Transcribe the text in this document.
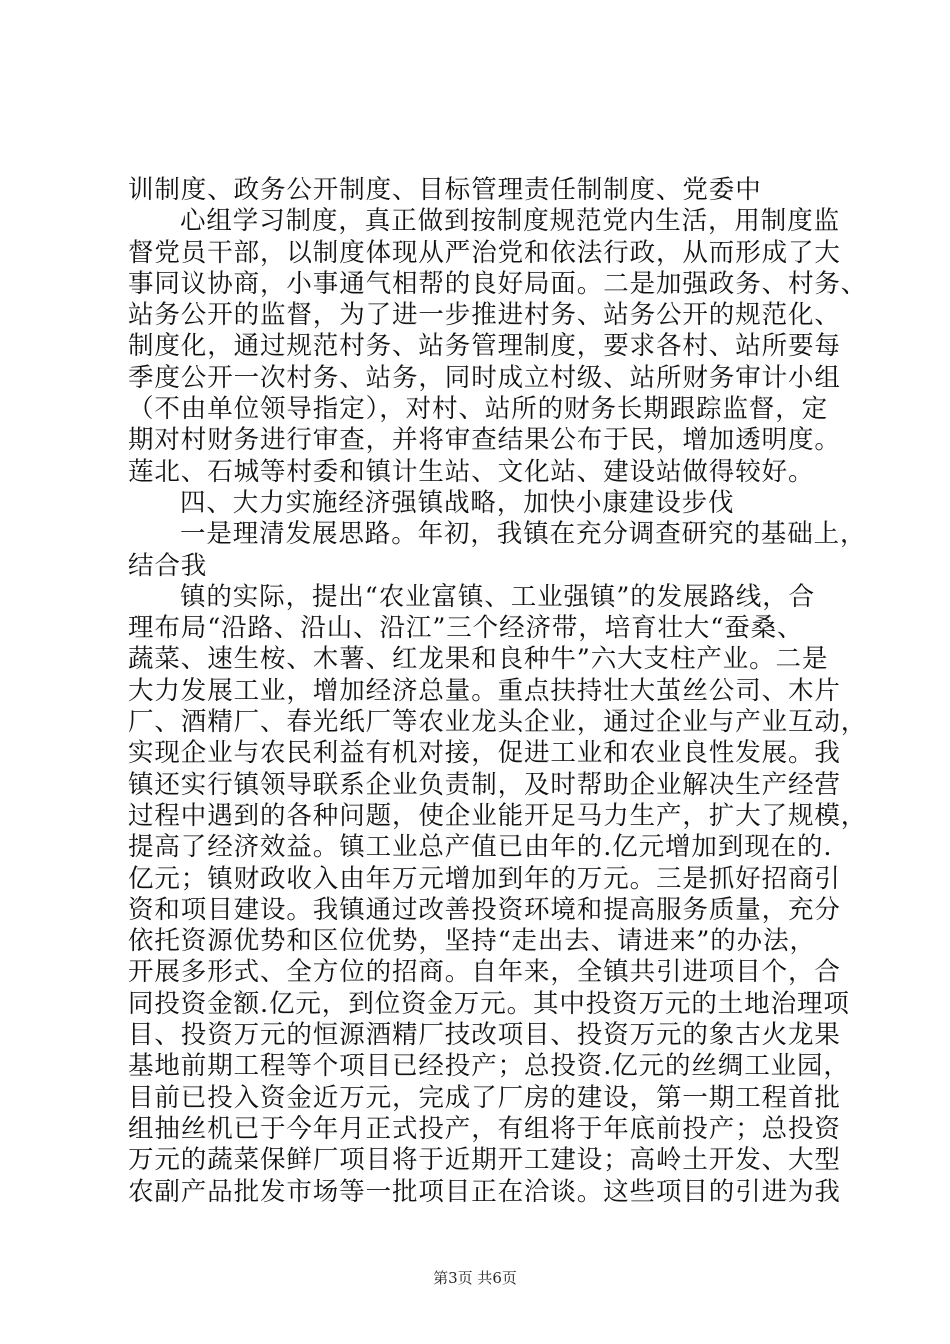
训制度、政务公开制度、目标管理责任制制度、党委中
心组学习制度，真正做到按制度规范党内生活，用制度监
督党员干部，以制度体现从严治党和依法行政，从而形成了大
事同议协商，小事通气相帮的良好局面。二是加强政务、村务、
站务公开的监督，为了进一步推进村务、站务公开的规范化、
制度化，通过规范村务、站务管理制度，要求各村、站所要每
季度公开一次村务、站务，同时成立村级、站所财务审计小组
（不由单位领导指定），对村、站所的财务长期跟踪监督，定
期对村财务进行审查，并将审查结果公布于民，增加透明度。
莲北、石城等村委和镇计生站、文化站、建设站做得较好。
四、大力实施经济强镇战略，加快小康建设步伐
一是理清发展思路。年初，我镇在充分调查研究的基础上，
结合我
镇的实际，提出“农业富镇、工业强镇”的发展路线，合
理布局“沿路、沿山、沿江”三个经济带，培育壮大“蚕桑、
蔬菜、速生桉、木薯、红龙果和良种牛”六大支柱产业。二是
大力发展工业，增加经济总量。重点扶持壮大茧丝公司、木片
厂、酒精厂、春光纸厂等农业龙头企业，通过企业与产业互动，
实现企业与农民利益有机对接，促进工业和农业良性发展。我
镇还实行镇领导联系企业负责制，及时帮助企业解决生产经营
过程中遇到的各种问题，使企业能开足马力生产，扩大了规模，
提高了经济效益。镇工业总产值已由年的.亿元增加到现在的.
亿元；镇财政收入由年万元增加到年的万元。三是抓好招商引
资和项目建设。我镇通过改善投资环境和提高服务质量，充分
依托资源优势和区位优势，坚持“走出去、请进来”的办法，
开展多形式、全方位的招商。自年来，全镇共引进项目个，合
同投资金额.亿元，到位资金万元。其中投资万元的土地治理项
目、投资万元的恒源酒精厂技改项目、投资万元的象古火龙果
基地前期工程等个项目已经投产；总投资.亿元的丝绸工业园，
目前已投入资金近万元，完成了厂房的建设，第一期工程首批
组抽丝机已于今年月正式投产，有组将于年底前投产；总投资
万元的蔬菜保鲜厂项目将于近期开工建设；高岭土开发、大型
农副产品批发市场等一批项目正在洽谈。这些项目的引进为我
第3页 共6页
